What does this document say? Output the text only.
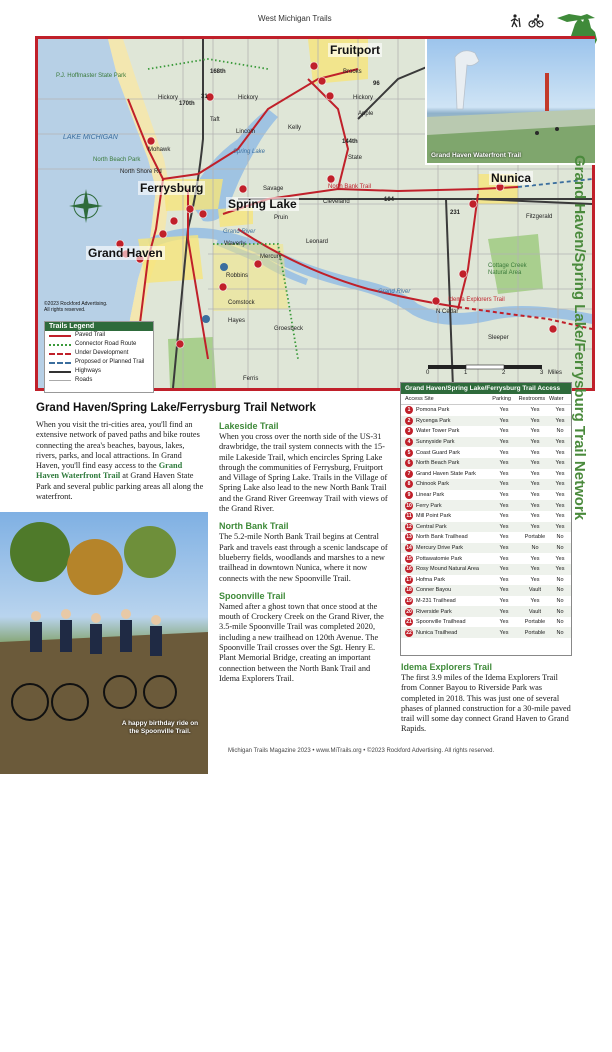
West Michigan Trails
P.J. Hoffmaster State Park
LAKE MICHIGAN
North Beach Park
Fruitport
Ferrysburg
Spring Lake
Grand Haven
Nunica
Cleveland
Fitzgerald
Leonard
Cottage Creek Natural Area
Waverly
Robbins
Comstock
Hayes
Groesbeck
Ferris
Sleeper
N Cedar
Taft
Mohawk
Lincoln
Pruin
Savage
Mercury
Hickory	Hickory	Hickory
State
Kelly
Apple
Brooks
Grand River
Grand River
Spring Lake
North Shore Rd
North Bank Trail
Idema Explorers Trail
170th
168th
144th
104
31
96
231
Grand Haven Waterfront Trail
©2023 Rockford Advertising.
All rights reserved.
Trails Legend
Paved Trail
Connector Road Route
Under Development
Proposed or Planned Trail
Highways
Roads
0	1	2	3 Miles
Grand Haven/Spring Lake/Ferrysburg Trail Access
Access Site	Parking	Restrooms Water
1	Pomona Park	Yes	Yes	Yes
2	Rycenga Park	Yes	Yes	Yes
3	Water Tower Park	Yes	Yes	No
4	Sunnyside Park	Yes	Yes	Yes
5	Coast Guard Park	Yes	Yes	Yes
6	North Beach Park	Yes	Yes	Yes
7	Grand Haven State Park	Yes	Yes	Yes
8	Chinook Park	Yes	Yes	Yes
9	Linear Park	Yes	Yes	Yes
10 Ferry Park	Yes	Yes	Yes
11 Mill Point Park	Yes	Yes	Yes
12 Central Park	Yes	Yes	Yes
13 North Bank Trailhead	Yes	Portable	No
14 Mercury Drive Park	Yes	No	No
15 Pottawatomie Park	Yes	Yes	Yes
16 Rosy Mound Natural Area	Yes	Yes	Yes
17 Hofma Park	Yes	Yes	No
18 Conner Bayou	Yes	Vault	No
19 M-231 Trailhead	Yes	Yes	No
20 Riverside Park	Yes	Vault	No
21 Spoonville Trailhead	Yes	Portable	No
22 Nunica Trailhead	Yes	Portable	No
Grand Haven/Spring Lake/Ferrysburg Trail Network
Grand Haven/Spring Lake/Ferrysburg Trail Network
When you visit the tri-cities area, you'll find an extensive network of paved paths and bike routes connecting the area's beaches, bayous, lakes, rivers, parks, and local attractions. In Grand Haven, you'll find easy access to the Grand Haven Waterfront Trail at Grand Haven State Park and several public parking areas all along the waterfront.
Lakeside Trail

When you cross over the north side of the US-31 drawbridge, the trail system connects with the 15-mile Lakeside Trail, which encircles Spring Lake through the communities of Ferrysburg, Fruitport and Village of Spring Lake. Trails in the Village of Spring Lake also lead to the new North Bank Trail and the Grand River Greenway Trail with views of the Grand River.

North Bank Trail

The 5.2-mile North Bank Trail begins at Central Park and travels east through a scenic landscape of blueberry fields, woodlands and marshes to a new trailhead in downtown Nunica, where it now connects with the new Spoonville Trail.

Spoonville Trail

Named after a ghost town that once stood at the mouth of Crockery Creek on the Grand River, the 3.5-mile Spoonville Trail was completed 2020, including a new trailhead on 120th Avenue. The Spoonville Trail crosses over the Sgt. Henry E. Plant Memorial Bridge, creating an important connection between the North Bank Trail and Idema Explorers Trail.

Idema Explorers Trail

The first 3.9 miles of the Idema Explorers Trail from Conner Bayou to Riverside Park was completed in 2018. This was just one of several phases of planned construction for a 30-mile paved trail will some day connect Grand Haven to Grand Rapids.

A happy birthday ride on the Spoonville Trail.
Photo by Vladimir Shulenco
Michigan Trails Magazine 2023 • www.MiTrails.org • ©2023 Rockford Advertising. All rights reserved.
